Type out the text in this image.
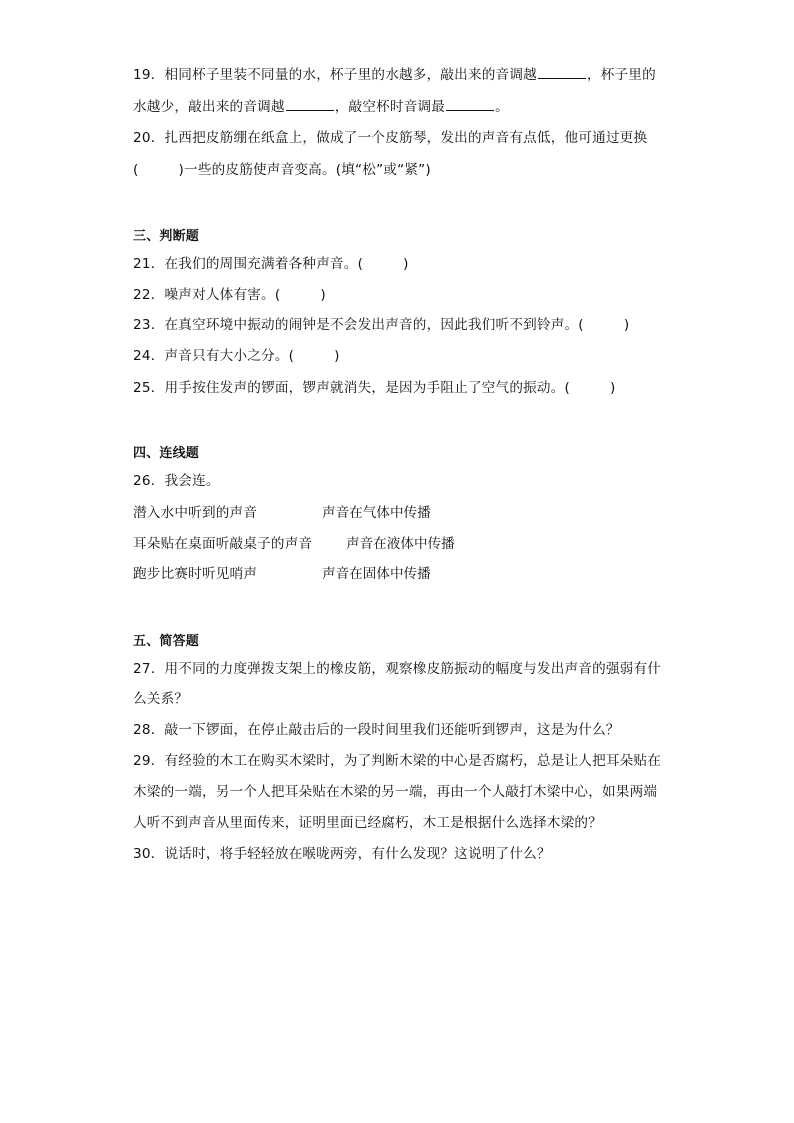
19．相同杯子里装不同量的水，杯子里的水越多，敲出来的音调越	，杯子里的
水越少，敲出来的音调越	，敲空杯时音调最	。
20．扎西把皮筋绷在纸盒上，做成了一个皮筋琴，发出的声音有点低，他可通过更换
(	)一些的皮筋使声音变高。(填“松”或“紧”)
三、判断题
21．在我们的周围充满着各种声音。(	)
22．噪声对人体有害。(	)
23．在真空环境中振动的闹钟是不会发出声音的，因此我们听不到铃声。(	)
24．声音只有大小之分。(	)
25．用手按住发声的锣面，锣声就消失，是因为手阻止了空气的振动。(	)
四、连线题
26．我会连。
潜入水中听到的声音	声音在气体中传播
耳朵贴在桌面听敲桌子的声音 声音在液体中传播
跑步比赛时听见哨声	声音在固体中传播
五、简答题
27．用不同的力度弹拨支架上的橡皮筋，观察橡皮筋振动的幅度与发出声音的强弱有什
么关系？
28．敲一下锣面，在停止敲击后的一段时间里我们还能听到锣声，这是为什么？
29．有经验的木工在购买木梁时，为了判断木梁的中心是否腐朽，总是让人把耳朵贴在
木梁的一端，另一个人把耳朵贴在木梁的另一端，再由一个人敲打木梁中心，如果两端
人听不到声音从里面传来，证明里面已经腐朽，木工是根据什么选择木梁的？
30．说话时，将手轻轻放在喉咙两旁，有什么发现？这说明了什么？
